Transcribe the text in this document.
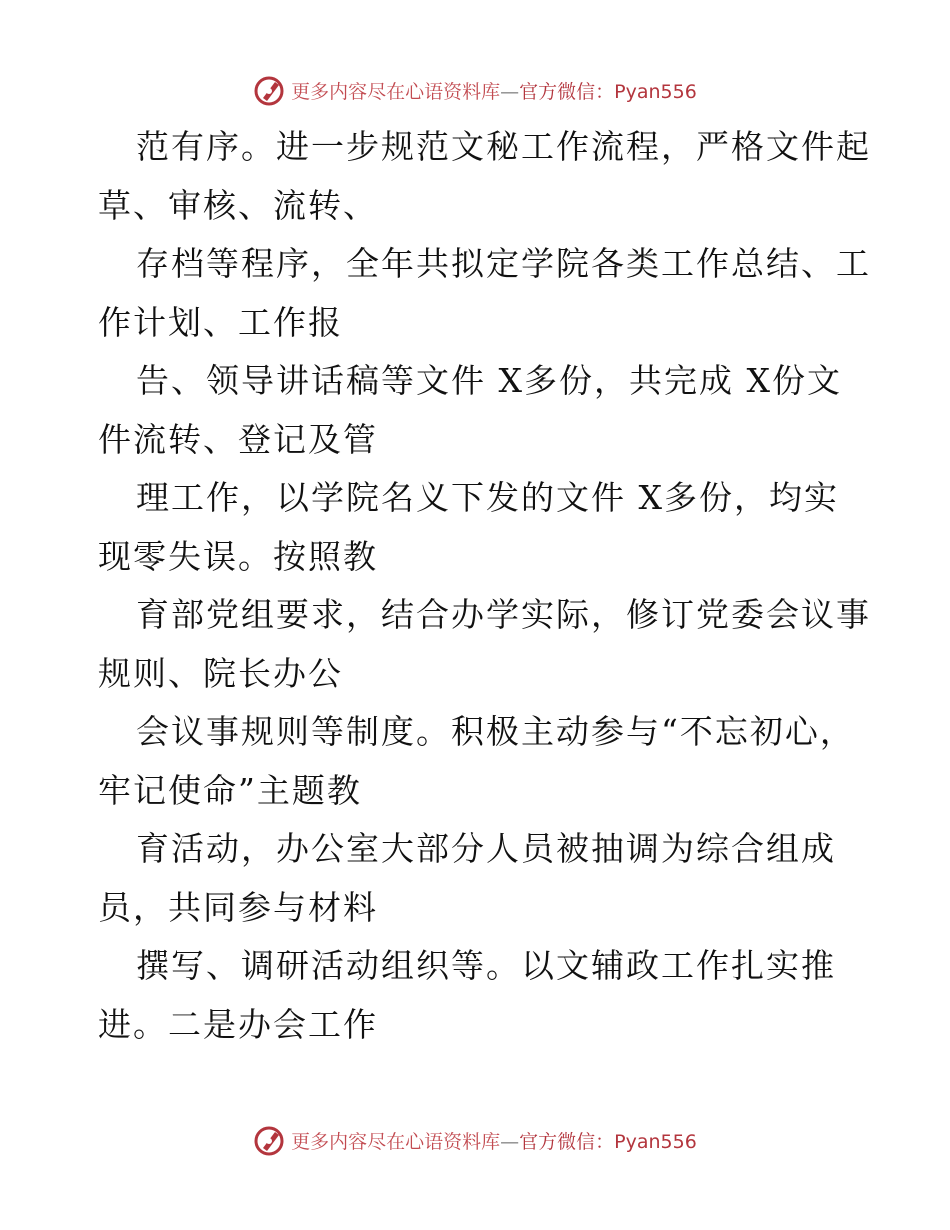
更多内容尽在心语资料库—官方微信：Pyan556
范有序。进一步规范文秘工作流程，严格文件起
草、审核、流转、
存档等程序，全年共拟定学院各类工作总结、工
作计划、工作报
告、领导讲话稿等文件 X多份，共完成 X份文
件流转、登记及管
理工作，以学院名义下发的文件 X多份，均实
现零失误。按照教
育部党组要求，结合办学实际，修订党委会议事
规则、院长办公
会议事规则等制度。积极主动参与“不忘初心，
牢记使命”主题教
育活动，办公室大部分人员被抽调为综合组成
员，共同参与材料
撰写、调研活动组织等。以文辅政工作扎实推
进。二是办会工作
更多内容尽在心语资料库—官方微信：Pyan556
